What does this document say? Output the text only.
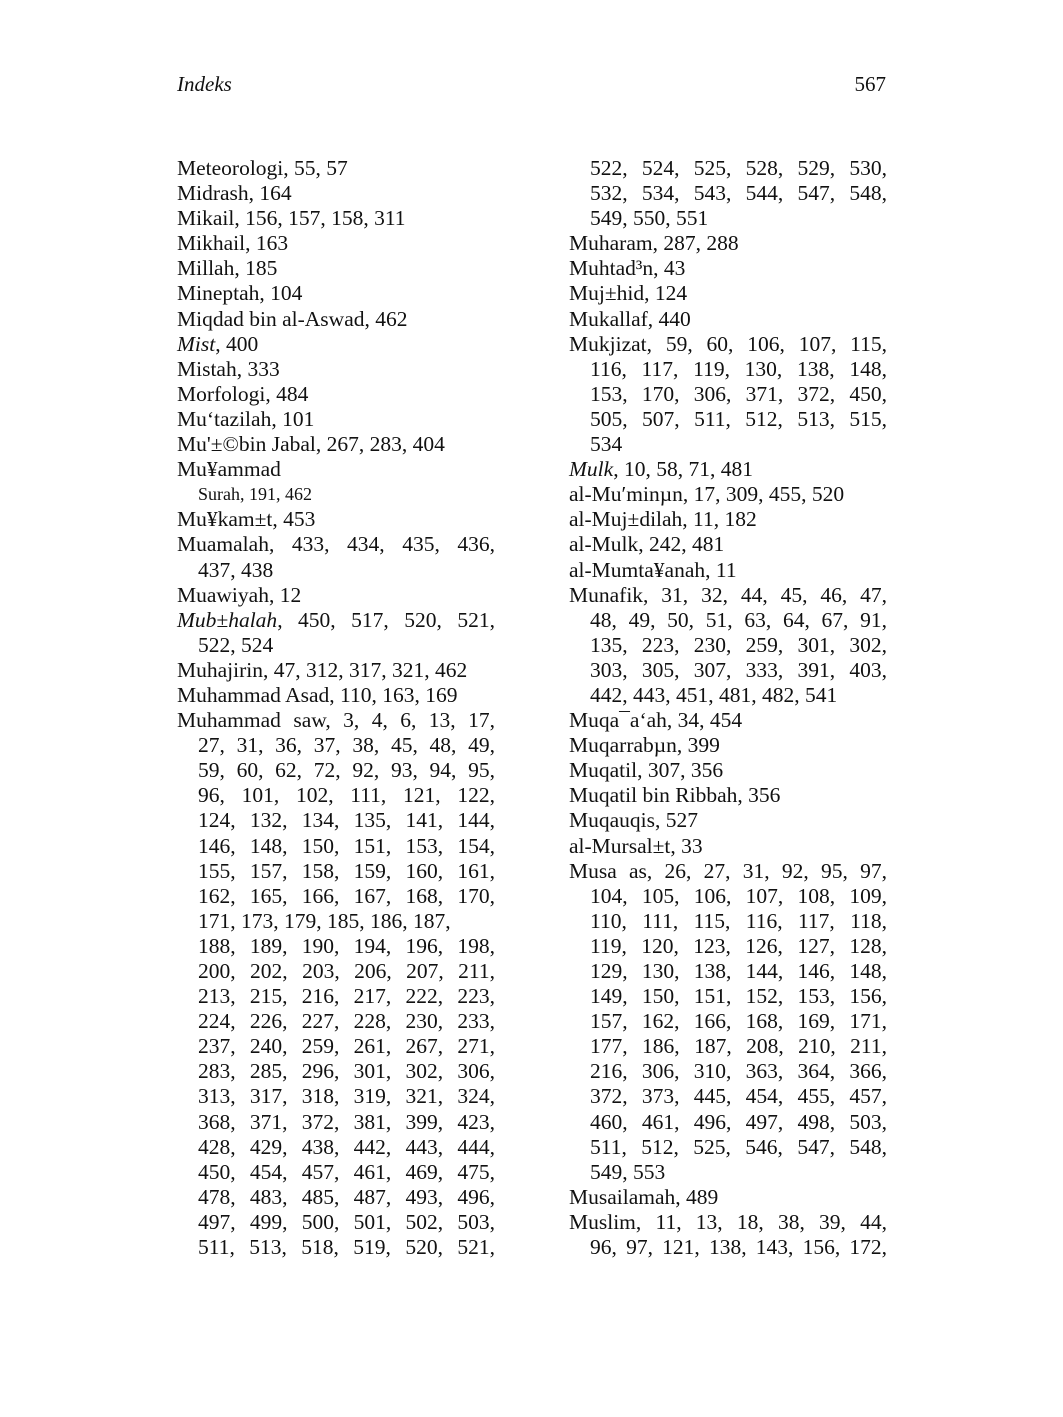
Indeks	567
Meteorologi, 55, 57
Midrash, 164
Mikail, 156, 157, 158, 311
Mikhail, 163
Millah, 185
Mineptah, 104
Miqdad bin al-Aswad, 462
Mist, 400
Mistah, 333
Morfologi, 484
Mu‘tazilah, 101
Mu'±©bin Jabal, 267, 283, 404
Mu¥ammad
Surah, 191, 462
Mu¥kam±t, 453
Muamalah, 433, 434, 435, 436,
437, 438
Muawiyah, 12
Mub±halah, 450, 517, 520, 521,
522, 524
Muhajirin, 47, 312, 317, 321, 462
Muhammad Asad, 110, 163, 169
Muhammad saw, 3, 4, 6, 13, 17,
27, 31, 36, 37, 38, 45, 48, 49,
59, 60, 62, 72, 92, 93, 94, 95,
96, 101, 102, 111, 121, 122,
124, 132, 134, 135, 141, 144,
146, 148, 150, 151, 153, 154,
155, 157, 158, 159, 160, 161,
162, 165, 166, 167, 168, 170,
171, 173, 179, 185, 186, 187,
188, 189, 190, 194, 196, 198,
200, 202, 203, 206, 207, 211,
213, 215, 216, 217, 222, 223,
224, 226, 227, 228, 230, 233,
237, 240, 259, 261, 267, 271,
283, 285, 296, 301, 302, 306,
313, 317, 318, 319, 321, 324,
368, 371, 372, 381, 399, 423,
428, 429, 438, 442, 443, 444,
450, 454, 457, 461, 469, 475,
478, 483, 485, 487, 493, 496,
497, 499, 500, 501, 502, 503,
511, 513, 518, 519, 520, 521,
522, 524, 525, 528, 529, 530,
532, 534, 543, 544, 547, 548,
549, 550, 551
Muharam, 287, 288
Muhtad³n, 43
Muj±hid, 124
Mukallaf, 440
Mukjizat, 59, 60, 106, 107, 115,
116, 117, 119, 130, 138, 148,
153, 170, 306, 371, 372, 450,
505, 507, 511, 512, 513, 515,
534
Mulk, 10, 58, 71, 481
al-Mu′minµn, 17, 309, 455, 520
al-Muj±dilah, 11, 182
al-Mulk, 242, 481
al-Mumta¥anah, 11
Munafik, 31, 32, 44, 45, 46, 47,
48, 49, 50, 51, 63, 64, 67, 91,
135, 223, 230, 259, 301, 302,
303, 305, 307, 333, 391, 403,
442, 443, 451, 481, 482, 541
Muqa¯a‘ah, 34, 454
Muqarrabµn, 399
Muqatil, 307, 356
Muqatil bin Ribbah, 356
Muqauqis, 527
al-Mursal±t, 33
Musa as, 26, 27, 31, 92, 95, 97,
104, 105, 106, 107, 108, 109,
110, 111, 115, 116, 117, 118,
119, 120, 123, 126, 127, 128,
129, 130, 138, 144, 146, 148,
149, 150, 151, 152, 153, 156,
157, 162, 166, 168, 169, 171,
177, 186, 187, 208, 210, 211,
216, 306, 310, 363, 364, 366,
372, 373, 445, 454, 455, 457,
460, 461, 496, 497, 498, 503,
511, 512, 525, 546, 547, 548,
549, 553
Musailamah, 489
Muslim, 11, 13, 18, 38, 39, 44,
96, 97, 121, 138, 143, 156, 172,
